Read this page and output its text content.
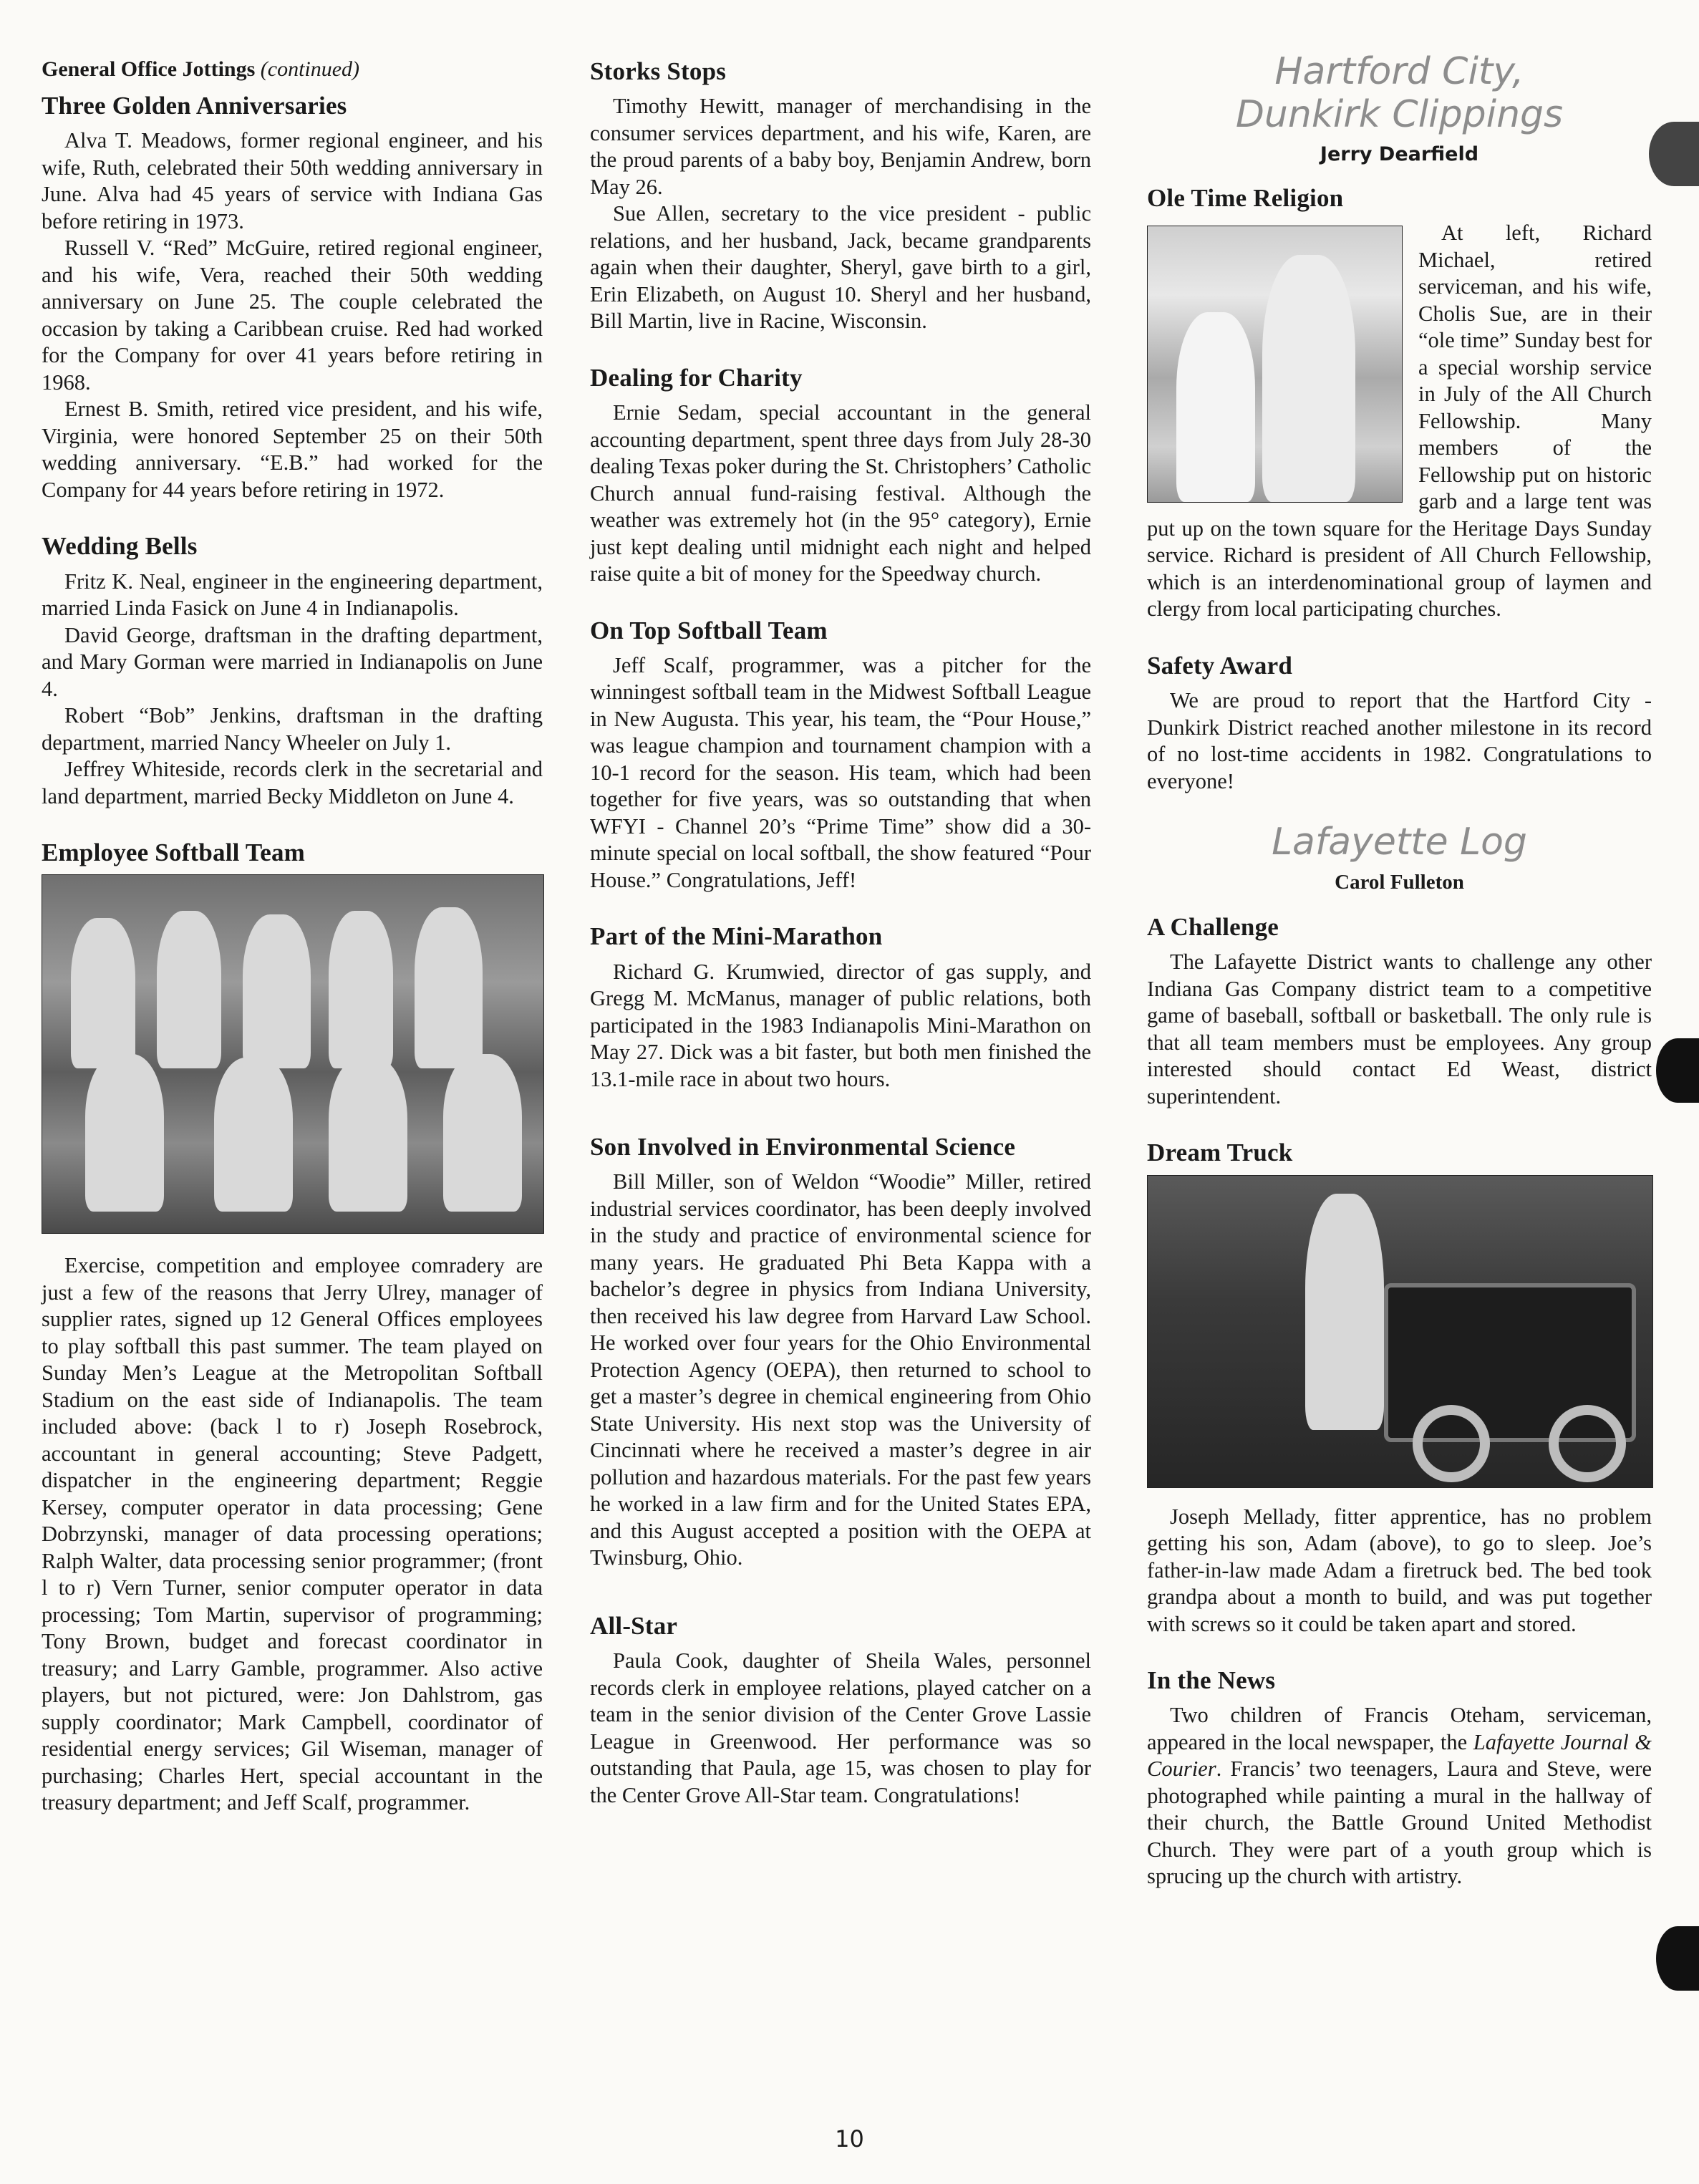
General Office Jottings (continued)
Three Golden Anniversaries

Alva T. Meadows, former regional engineer, and his wife, Ruth, celebrated their 50th wedding anniversary in June. Alva had 45 years of service with Indiana Gas before retiring in 1973.

Russell V. “Red” McGuire, retired regional engineer, and his wife, Vera, reached their 50th wedding anniversary on June 25. The couple celebrated the occasion by taking a Caribbean cruise. Red had worked for the Company for over 41 years before retiring in 1968.

Ernest B. Smith, retired vice president, and his wife, Virginia, were honored September 25 on their 50th wedding anniversary. “E.B.” had worked for the Company for 44 years before retiring in 1972.

Wedding Bells

Fritz K. Neal, engineer in the engineering department, married Linda Fasick on June 4 in Indianapolis.

David George, draftsman in the drafting department, and Mary Gorman were married in Indianapolis on June 4.

Robert “Bob” Jenkins, draftsman in the drafting department, married Nancy Wheeler on July 1.

Jeffrey Whiteside, records clerk in the secretarial and land department, married Becky Middleton on June 4.

Employee Softball Team

Exercise, competition and employee comradery are just a few of the reasons that Jerry Ulrey, manager of supplier rates, signed up 12 General Offices employees to play softball this past summer. The team played on Sunday Men’s League at the Metropolitan Softball Stadium on the east side of Indianapolis. The team included above: (back l to r) Joseph Rosebrock, accountant in general accounting; Steve Padgett, dispatcher in the engineering department; Reggie Kersey, computer operator in data processing; Gene Dobrzynski, manager of data processing operations; Ralph Walter, data processing senior programmer; (front l to r) Vern Turner, senior computer operator in data processing; Tom Martin, supervisor of programming; Tony Brown, budget and forecast coordinator in treasury; and Larry Gamble, programmer. Also active players, but not pictured, were: Jon Dahlstrom, gas supply coordinator; Mark Campbell, coordinator of residential energy services; Gil Wiseman, manager of purchasing; Charles Hert, special accountant in the treasury department; and Jeff Scalf, programmer.

Storks Stops

Timothy Hewitt, manager of merchandising in the consumer services department, and his wife, Karen, are the proud parents of a baby boy, Benjamin Andrew, born May 26.

Sue Allen, secretary to the vice president - public relations, and her husband, Jack, became grandparents again when their daughter, Sheryl, gave birth to a girl, Erin Elizabeth, on August 10. Sheryl and her husband, Bill Martin, live in Racine, Wisconsin.

Dealing for Charity

Ernie Sedam, special accountant in the general accounting department, spent three days from July 28-30 dealing Texas poker during the St. Christophers’ Catholic Church annual fund-raising festival. Although the weather was extremely hot (in the 95° category), Ernie just kept dealing until midnight each night and helped raise quite a bit of money for the Speedway church.

On Top Softball Team

Jeff Scalf, programmer, was a pitcher for the winningest softball team in the Midwest Softball League in New Augusta. This year, his team, the “Pour House,” was league champion and tournament champion with a 10-1 record for the season. His team, which had been together for five years, was so outstanding that when WFYI - Channel 20’s “Prime Time” show did a 30-minute special on local softball, the show featured “Pour House.” Congratulations, Jeff!

Part of the Mini-Marathon

Richard G. Krumwied, director of gas supply, and Gregg M. McManus, manager of public relations, both participated in the 1983 Indianapolis Mini-Marathon on May 27. Dick was a bit faster, but both men finished the 13.1-mile race in about two hours.

Son Involved in Environmental Science

Bill Miller, son of Weldon “Woodie” Miller, retired industrial services coordinator, has been deeply involved in the study and practice of environmental science for many years. He graduated Phi Beta Kappa with a bachelor’s degree in physics from Indiana University, then received his law degree from Harvard Law School. He worked over four years for the Ohio Environmental Protection Agency (OEPA), then returned to school to get a master’s degree in chemical engineering from Ohio State University. His next stop was the University of Cincinnati where he received a master’s degree in air pollution and hazardous materials. For the past few years he worked in a law firm and for the United States EPA, and this August accepted a position with the OEPA at Twinsburg, Ohio.

All-Star

Paula Cook, daughter of Sheila Wales, personnel records clerk in employee relations, played catcher on a team in the senior division of the Center Grove Lassie League in Greenwood. Her performance was so outstanding that Paula, age 15, was chosen to play for the Center Grove All-Star team. Congratulations!

Hartford City,
Dunkirk Clippings
Jerry Dearfield
Ole Time Religion

At left, Richard Michael, retired serviceman, and his wife, Cholis Sue, are in their “ole time” Sunday best for a special worship service in July of the All Church Fellowship. Many members of the Fellowship put on historic garb and a large tent was put up on the town square for the Heritage Days Sunday service. Richard is president of All Church Fellowship, which is an interdenominational group of laymen and clergy from local participating churches.

Safety Award

We are proud to report that the Hartford City - Dunkirk District reached another milestone in its record of no lost-time accidents in 1982. Congratulations to everyone!

Lafayette Log
Carol Fulleton
A Challenge

The Lafayette District wants to challenge any other Indiana Gas Company district team to a competitive game of baseball, softball or basketball. The only rule is that all team members must be employees. Any group interested should contact Ed Weast, district superintendent.

Dream Truck

Joseph Mellady, fitter apprentice, has no problem getting his son, Adam (above), to go to sleep. Joe’s father-in-law made Adam a firetruck bed. The bed took grandpa about a month to build, and was put together with screws so it could be taken apart and stored.

In the News

Two children of Francis Oteham, serviceman, appeared in the local newspaper, the Lafayette Journal & Courier. Francis’ two teenagers, Laura and Steve, were photographed while painting a mural in the hallway of their church, the Battle Ground United Methodist Church. They were part of a youth group which is sprucing up the church with artistry.

10
